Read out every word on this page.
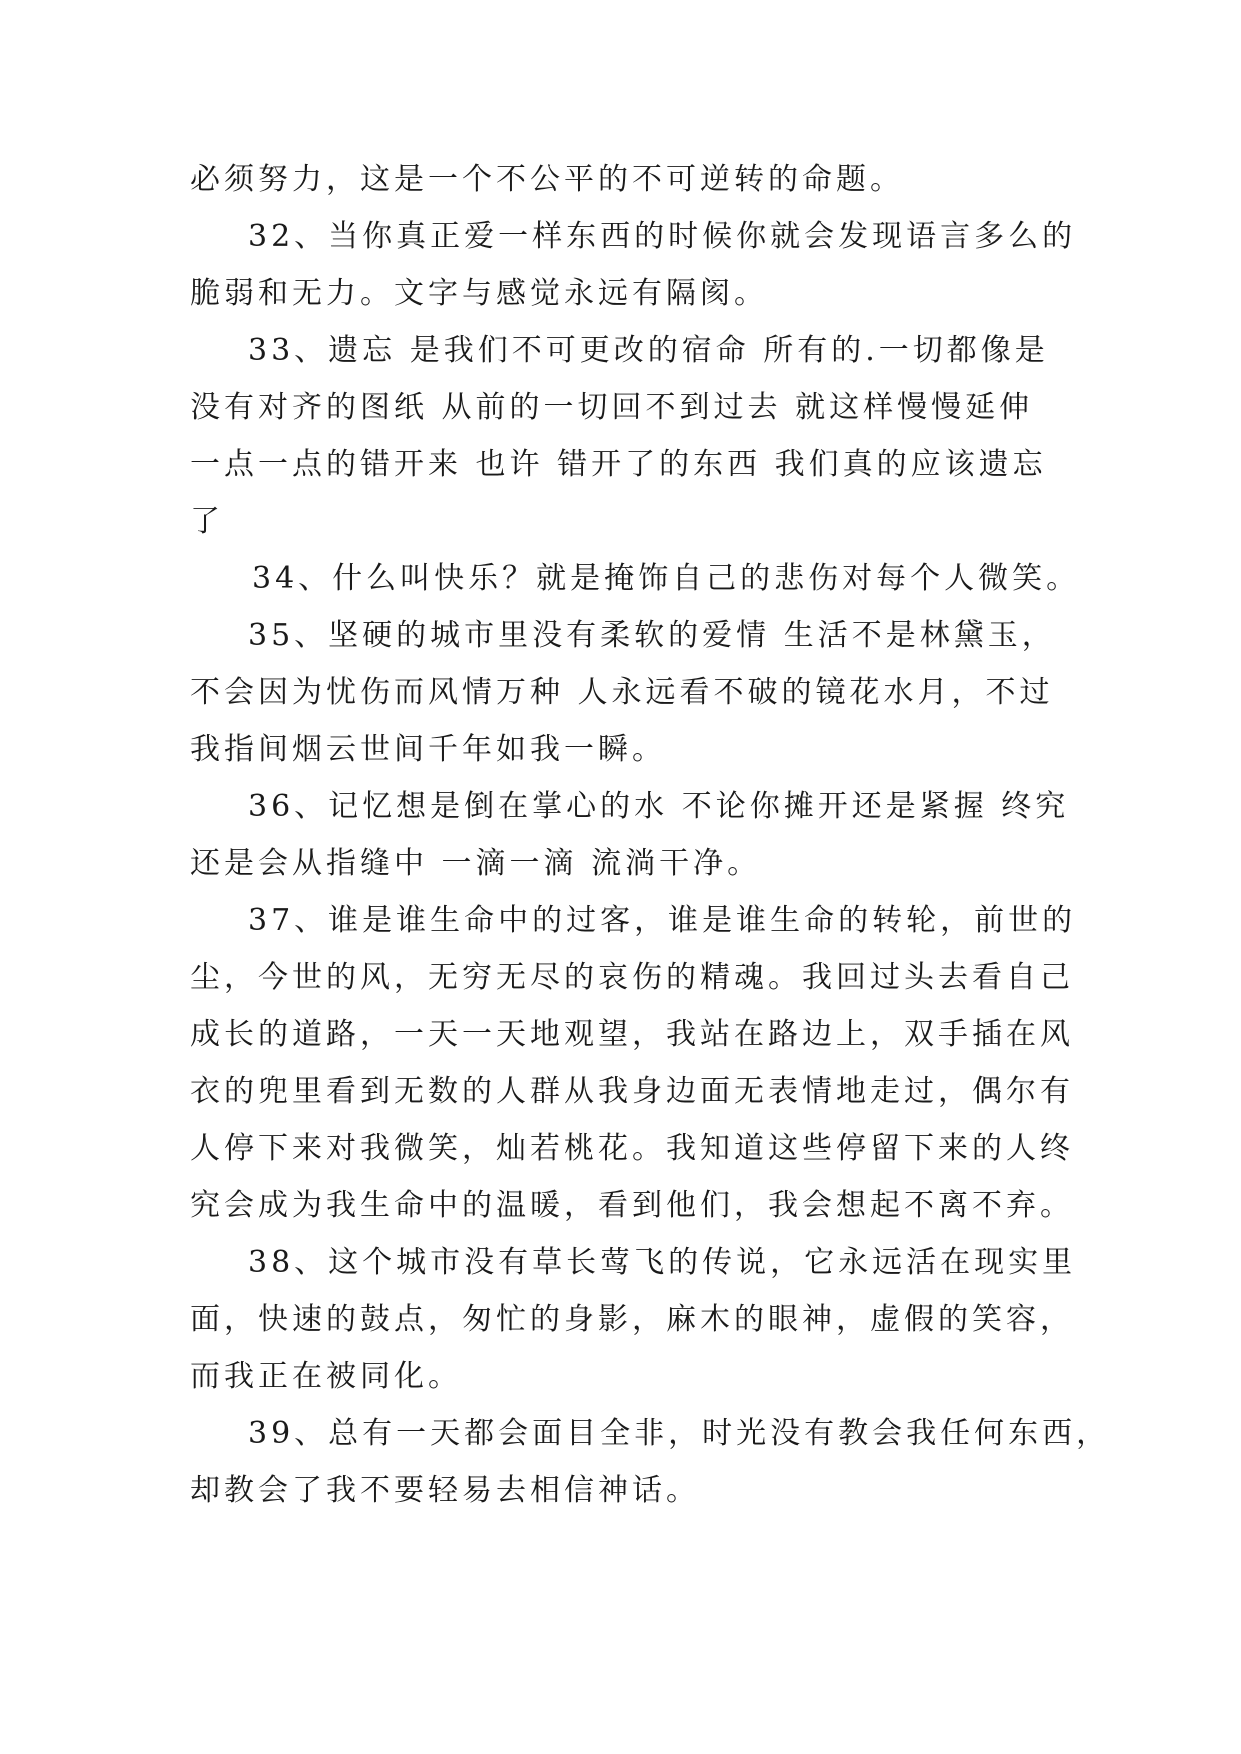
必须努力，这是一个不公平的不可逆转的命题。
32、当你真正爱一样东西的时候你就会发现语言多么的
脆弱和无力。文字与感觉永远有隔阂。
33、遗忘 是我们不可更改的宿命 所有的.一切都像是
没有对齐的图纸 从前的一切回不到过去 就这样慢慢延伸
一点一点的错开来 也许 错开了的东西 我们真的应该遗忘
了
34、什么叫快乐？就是掩饰自己的悲伤对每个人微笑。
35、坚硬的城市里没有柔软的爱情 生活不是林黛玉，
不会因为忧伤而风情万种 人永远看不破的镜花水月，不过
我指间烟云世间千年如我一瞬。
36、记忆想是倒在掌心的水 不论你摊开还是紧握 终究
还是会从指缝中 一滴一滴 流淌干净。
37、谁是谁生命中的过客，谁是谁生命的转轮，前世的
尘，今世的风，无穷无尽的哀伤的精魂。我回过头去看自己
成长的道路，一天一天地观望，我站在路边上，双手插在风
衣的兜里看到无数的人群从我身边面无表情地走过，偶尔有
人停下来对我微笑，灿若桃花。我知道这些停留下来的人终
究会成为我生命中的温暖，看到他们，我会想起不离不弃。
38、这个城市没有草长莺飞的传说，它永远活在现实里
面，快速的鼓点，匆忙的身影，麻木的眼神，虚假的笑容，
而我正在被同化。
39、总有一天都会面目全非，时光没有教会我任何东西，
却教会了我不要轻易去相信神话。
